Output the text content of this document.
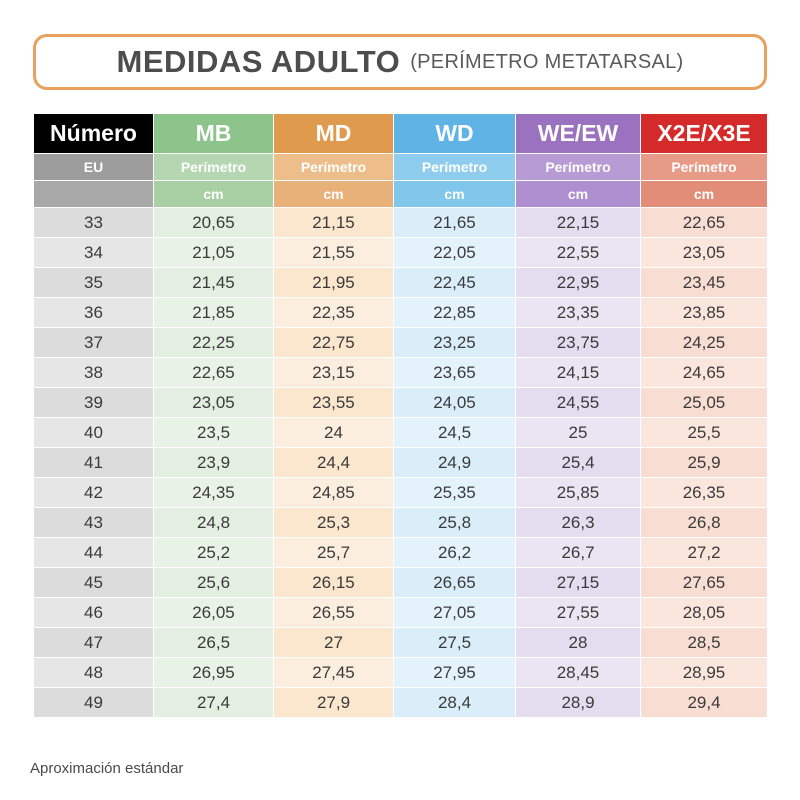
MEDIDAS ADULTO (PERÍMETRO METATARSAL)
Número	MB	MD	WD	WE/EW	X2E/X3E
EU	Perímetro	Perímetro	Perímetro	Perímetro	Perímetro
	cm	cm	cm	cm	cm
33	20,65	21,15	21,65	22,15	22,65
34	21,05	21,55	22,05	22,55	23,05
35	21,45	21,95	22,45	22,95	23,45
36	21,85	22,35	22,85	23,35	23,85
37	22,25	22,75	23,25	23,75	24,25
38	22,65	23,15	23,65	24,15	24,65
39	23,05	23,55	24,05	24,55	25,05
40	23,5	24	24,5	25	25,5
41	23,9	24,4	24,9	25,4	25,9
42	24,35	24,85	25,35	25,85	26,35
43	24,8	25,3	25,8	26,3	26,8
44	25,2	25,7	26,2	26,7	27,2
45	25,6	26,15	26,65	27,15	27,65
46	26,05	26,55	27,05	27,55	28,05
47	26,5	27	27,5	28	28,5
48	26,95	27,45	27,95	28,45	28,95
49	27,4	27,9	28,4	28,9	29,4
Aproximación estándar
